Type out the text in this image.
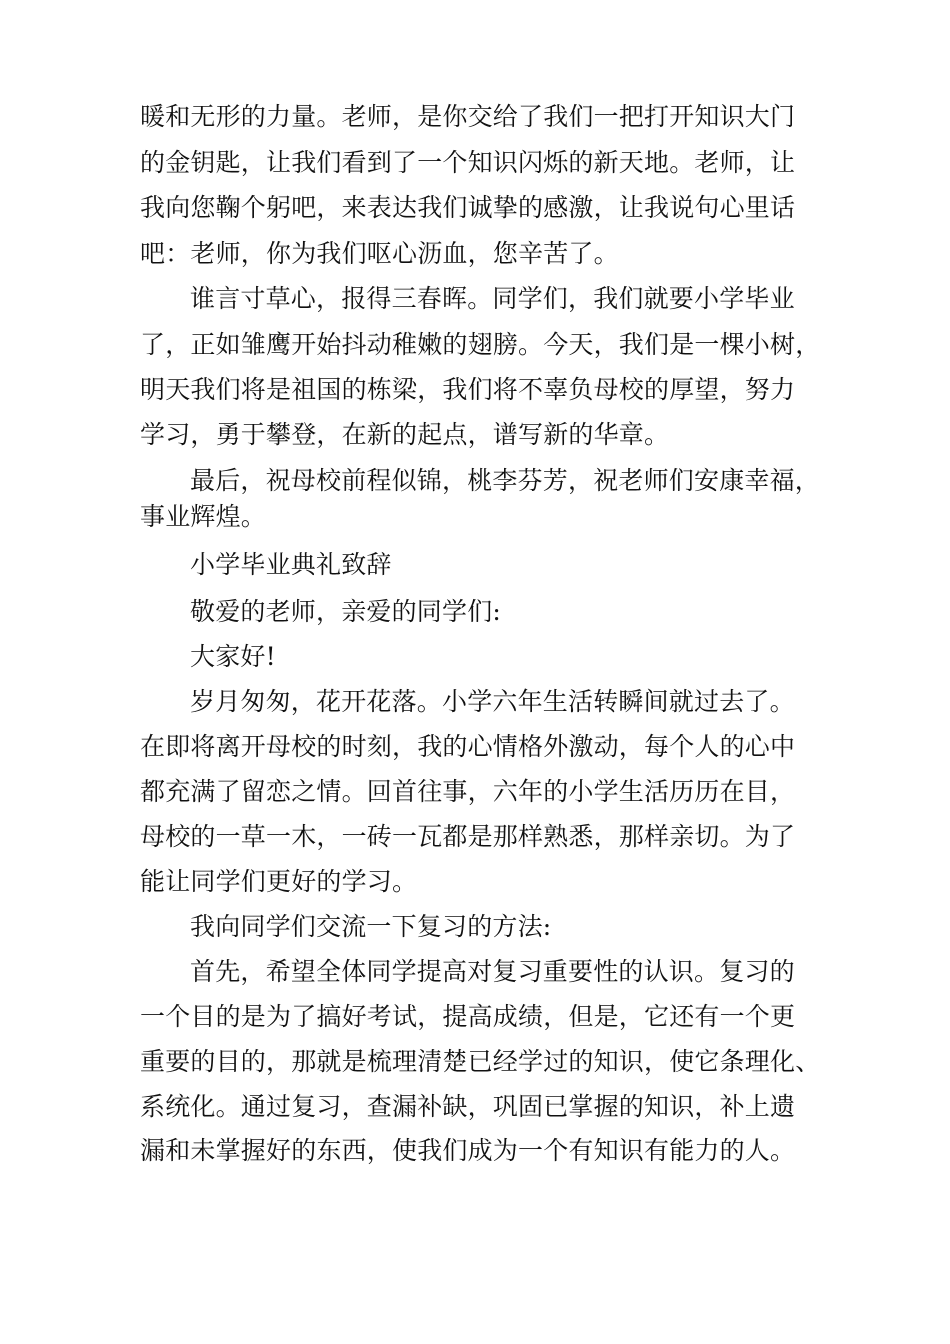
暖和无形的力量。老师，是你交给了我们一把打开知识大门
的金钥匙，让我们看到了一个知识闪烁的新天地。老师，让
我向您鞠个躬吧，来表达我们诚挚的感激，让我说句心里话
吧：老师，你为我们呕心沥血，您辛苦了。
谁言寸草心，报得三春晖。同学们，我们就要小学毕业
了，正如雏鹰开始抖动稚嫩的翅膀。今天，我们是一棵小树，
明天我们将是祖国的栋梁，我们将不辜负母校的厚望，努力
学习，勇于攀登，在新的起点，谱写新的华章。
最后，祝母校前程似锦，桃李芬芳，祝老师们安康幸福，
事业辉煌。
小学毕业典礼致辞
敬爱的老师，亲爱的同学们:
大家好!
岁月匆匆，花开花落。小学六年生活转瞬间就过去了。
在即将离开母校的时刻，我的心情格外激动，每个人的心中
都充满了留恋之情。回首往事，六年的小学生活历历在目，
母校的一草一木，一砖一瓦都是那样熟悉，那样亲切。为了
能让同学们更好的学习。
我向同学们交流一下复习的方法:
首先，希望全体同学提高对复习重要性的认识。复习的
一个目的是为了搞好考试，提高成绩，但是，它还有一个更
重要的目的，那就是梳理清楚已经学过的知识，使它条理化、
系统化。通过复习，查漏补缺，巩固已掌握的知识，补上遗
漏和未掌握好的东西，使我们成为一个有知识有能力的人。
